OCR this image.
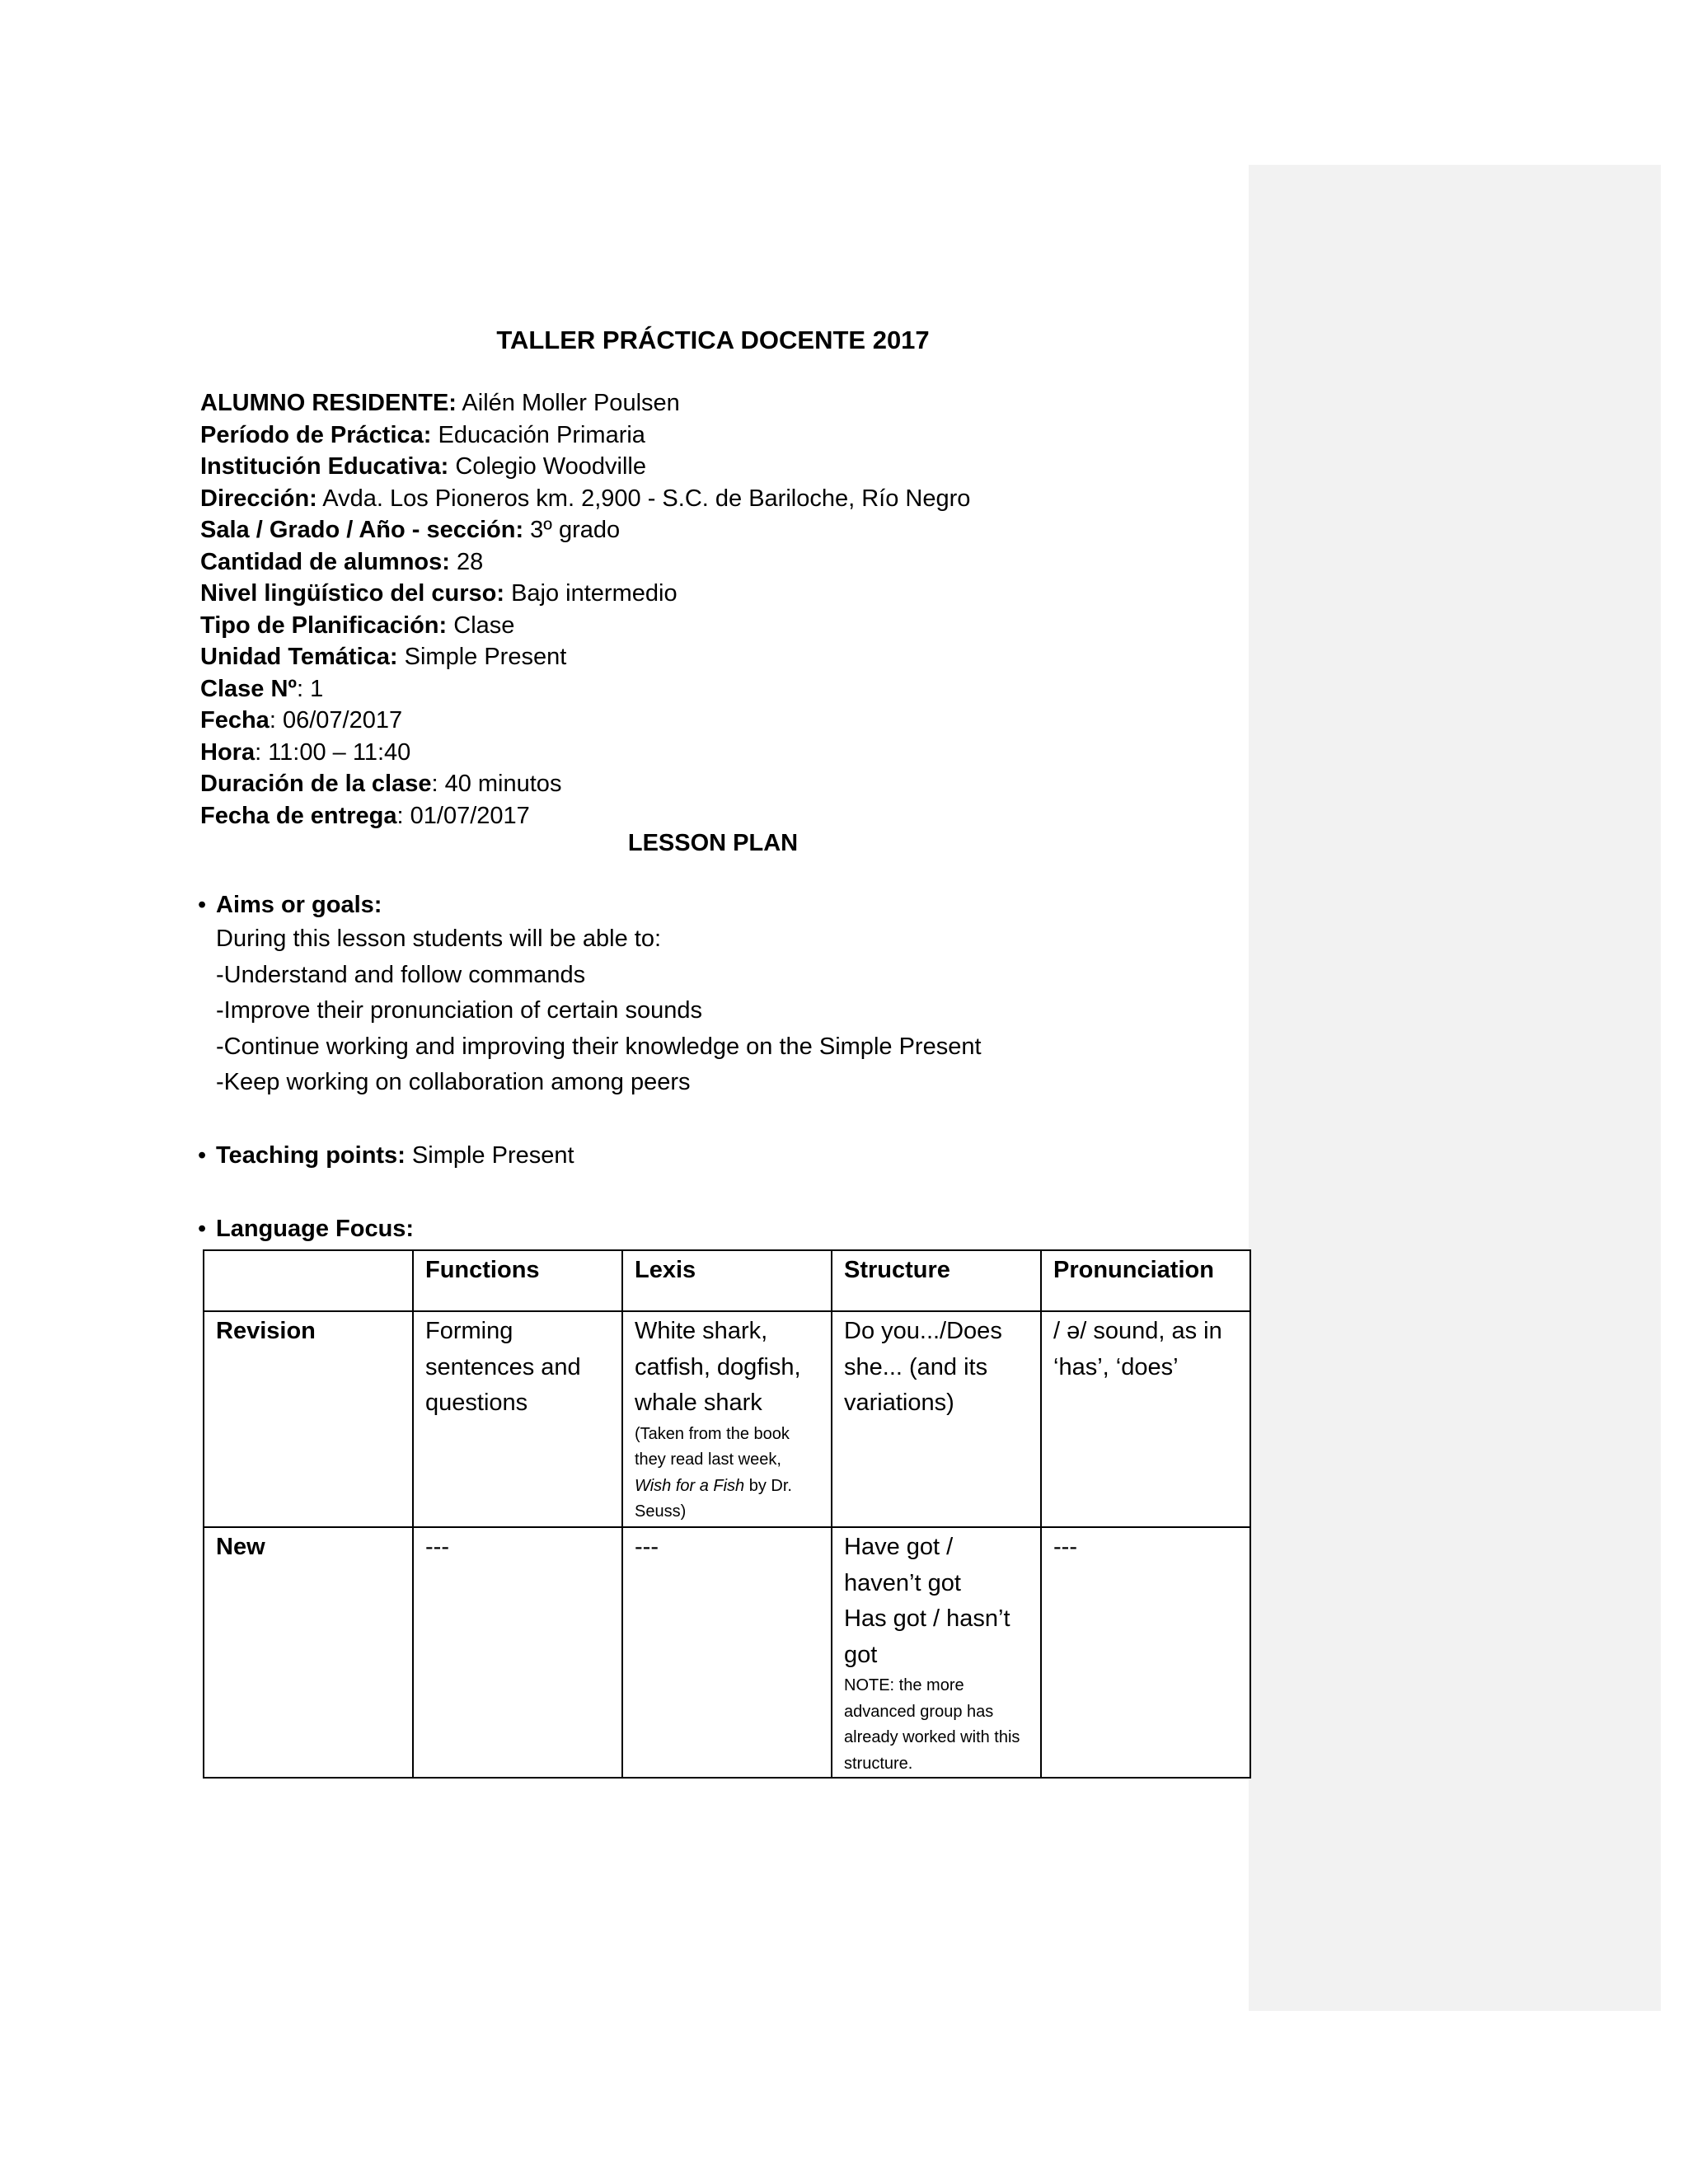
TALLER PRÁCTICA DOCENTE 2017
ALUMNO RESIDENTE: Ailén Moller Poulsen
Período de Práctica: Educación Primaria
Institución Educativa: Colegio Woodville
Dirección: Avda. Los Pioneros km. 2,900 - S.C. de Bariloche, Río Negro
Sala / Grado / Año - sección: 3º grado
Cantidad de alumnos: 28
Nivel lingüístico del curso: Bajo intermedio
Tipo de Planificación: Clase
Unidad Temática: Simple Present
Clase Nº: 1
Fecha: 06/07/2017
Hora: 11:00 – 11:40
Duración de la clase: 40 minutos
Fecha de entrega: 01/07/2017
LESSON PLAN
• Aims or goals:
During this lesson students will be able to:
-Understand and follow commands
-Improve their pronunciation of certain sounds
-Continue working and improving their knowledge on the Simple Present
-Keep working on collaboration among peers
• Teaching points: Simple Present
• Language Focus:
	Functions	Lexis	Structure	Pronunciation
Revision	Forming sentences and questions	White shark, catfish, dogfish, whale shark
(Taken from the book they read last week, Wish for a Fish by Dr. Seuss)	Do you.../Does she... (and its variations)	/ ə/ sound, as in ‘has’, ‘does’
New	---	---	Have got / haven’t got
Has got / hasn’t got
NOTE: the more advanced group has already worked with this structure.	---
